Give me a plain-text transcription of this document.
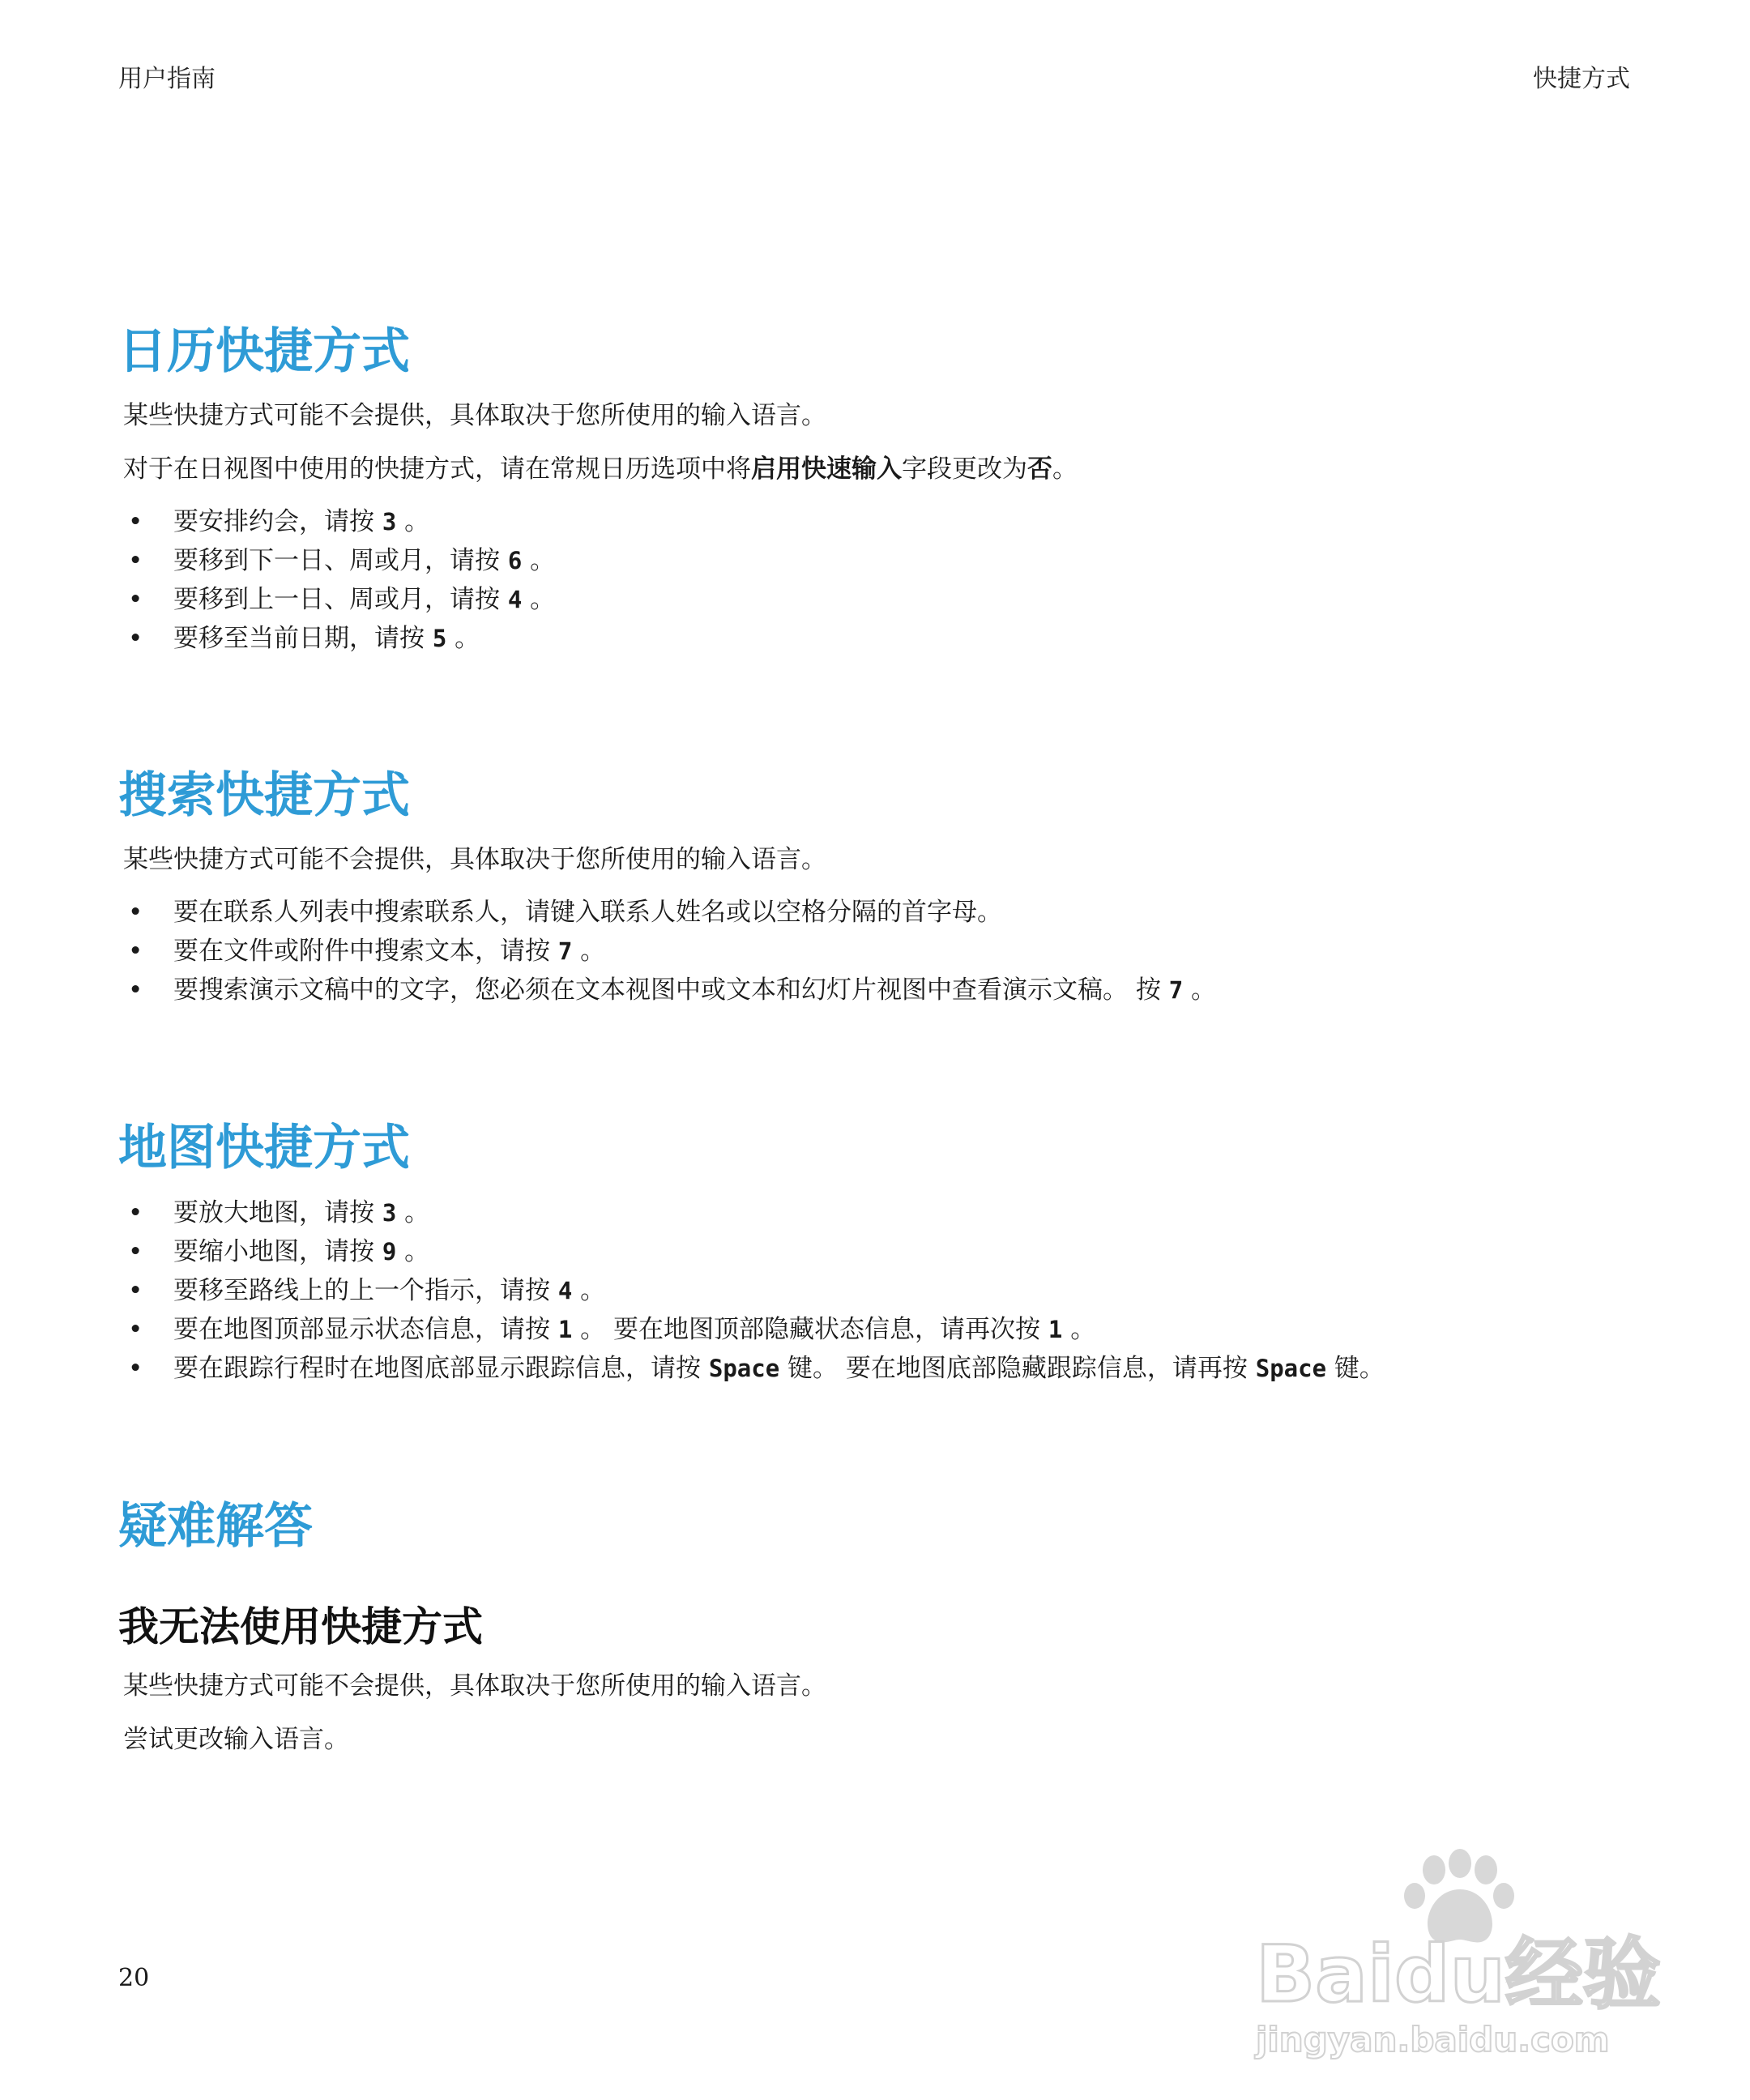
用户指南	快捷方式
日历快捷方式

某些快捷方式可能不会提供，具体取决于您所使用的输入语言。

对于在日视图中使用的快捷方式，请在常规日历选项中将启用快速输入字段更改为否。

• 要安排约会，请按 3 。
• 要移到下一日、周或月，请按 6 。
• 要移到上一日、周或月，请按 4 。
• 要移至当前日期，请按 5 。
搜索快捷方式

某些快捷方式可能不会提供，具体取决于您所使用的输入语言。

• 要在联系人列表中搜索联系人，请键入联系人姓名或以空格分隔的首字母。
• 要在文件或附件中搜索文本，请按 7 。
• 要搜索演示文稿中的文字，您必须在文本视图中或文本和幻灯片视图中查看演示文稿。 按 7 。
地图快捷方式
• 要放大地图，请按 3 。
• 要缩小地图，请按 9 。
• 要移至路线上的上一个指示，请按 4 。
• 要在地图顶部显示状态信息，请按 1 。 要在地图顶部隐藏状态信息，请再次按 1 。
• 要在跟踪行程时在地图底部显示跟踪信息，请按 Space 键。 要在地图底部隐藏跟踪信息，请再按 Space 键。
疑难解答
我无法使用快捷方式

某些快捷方式可能不会提供，具体取决于您所使用的输入语言。

尝试更改输入语言。

20	Baidu经验
jingyan.baidu.com
